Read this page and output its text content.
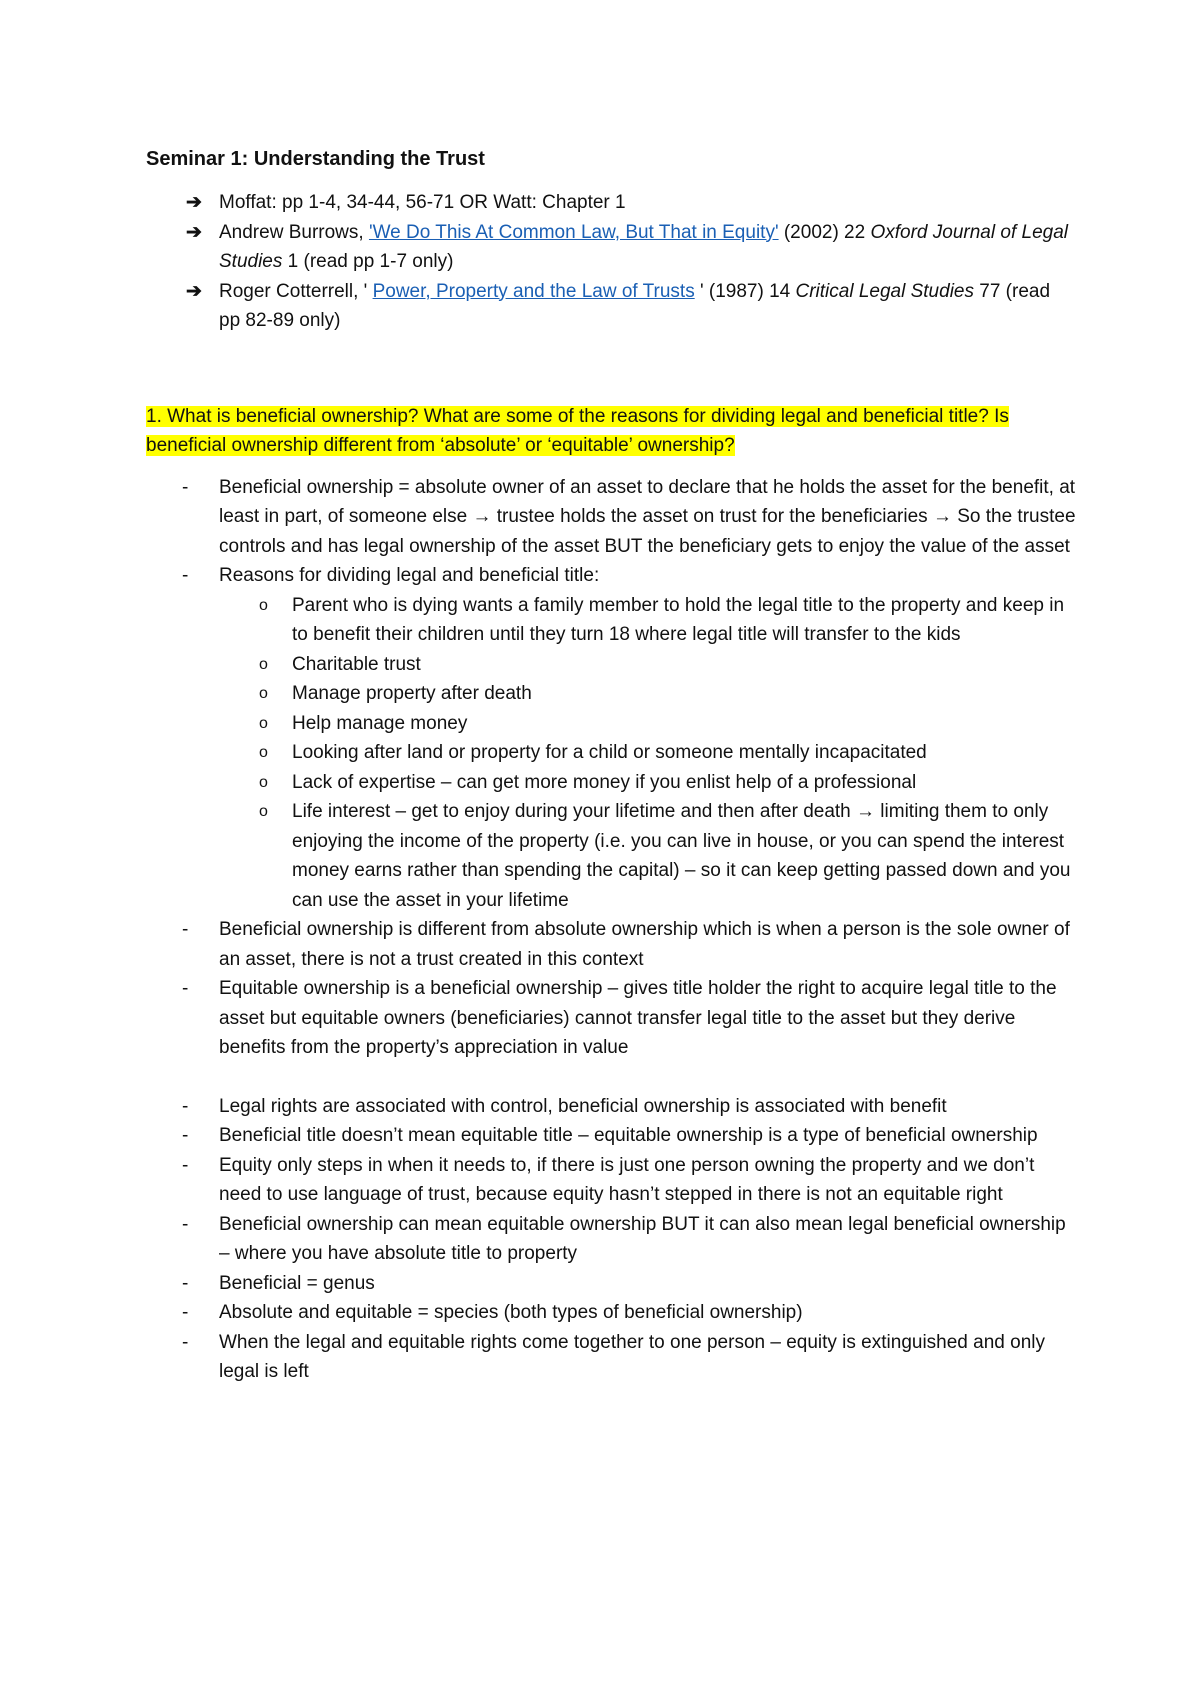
Seminar 1: Understanding the Trust
➔ Moffat: pp 1-4, 34-44, 56-71 OR Watt: Chapter 1
➔ Andrew Burrows, 'We Do This At Common Law, But That in Equity' (2002) 22 Oxford Journal of Legal Studies 1 (read pp 1-7 only)
➔ Roger Cotterrell, ' Power, Property and the Law of Trusts ' (1987) 14 Critical Legal Studies 77 (read pp 82-89 only)
1. What is beneficial ownership? What are some of the reasons for dividing legal and beneficial title? Is beneficial ownership different from ‘absolute’ or ‘equitable’ ownership?
- Beneficial ownership = absolute owner of an asset to declare that he holds the asset for the benefit, at least in part, of someone else → trustee holds the asset on trust for the beneficiaries → So the trustee controls and has legal ownership of the asset BUT the beneficiary gets to enjoy the value of the asset
- Reasons for dividing legal and beneficial title:
o Parent who is dying wants a family member to hold the legal title to the property and keep in to benefit their children until they turn 18 where legal title will transfer to the kids
o Charitable trust
o Manage property after death
o Help manage money
o Looking after land or property for a child or someone mentally incapacitated
o Lack of expertise – can get more money if you enlist help of a professional
o Life interest – get to enjoy during your lifetime and then after death → limiting them to only enjoying the income of the property (i.e. you can live in house, or you can spend the interest money earns rather than spending the capital) – so it can keep getting passed down and you can use the asset in your lifetime
- Beneficial ownership is different from absolute ownership which is when a person is the sole owner of an asset, there is not a trust created in this context
- Equitable ownership is a beneficial ownership – gives title holder the right to acquire legal title to the asset but equitable owners (beneficiaries) cannot transfer legal title to the asset but they derive benefits from the property’s appreciation in value
- Legal rights are associated with control, beneficial ownership is associated with benefit
- Beneficial title doesn’t mean equitable title – equitable ownership is a type of beneficial ownership
- Equity only steps in when it needs to, if there is just one person owning the property and we don’t need to use language of trust, because equity hasn’t stepped in there is not an equitable right
- Beneficial ownership can mean equitable ownership BUT it can also mean legal beneficial ownership – where you have absolute title to property
- Beneficial = genus
- Absolute and equitable = species (both types of beneficial ownership)
- When the legal and equitable rights come together to one person – equity is extinguished and only legal is left
